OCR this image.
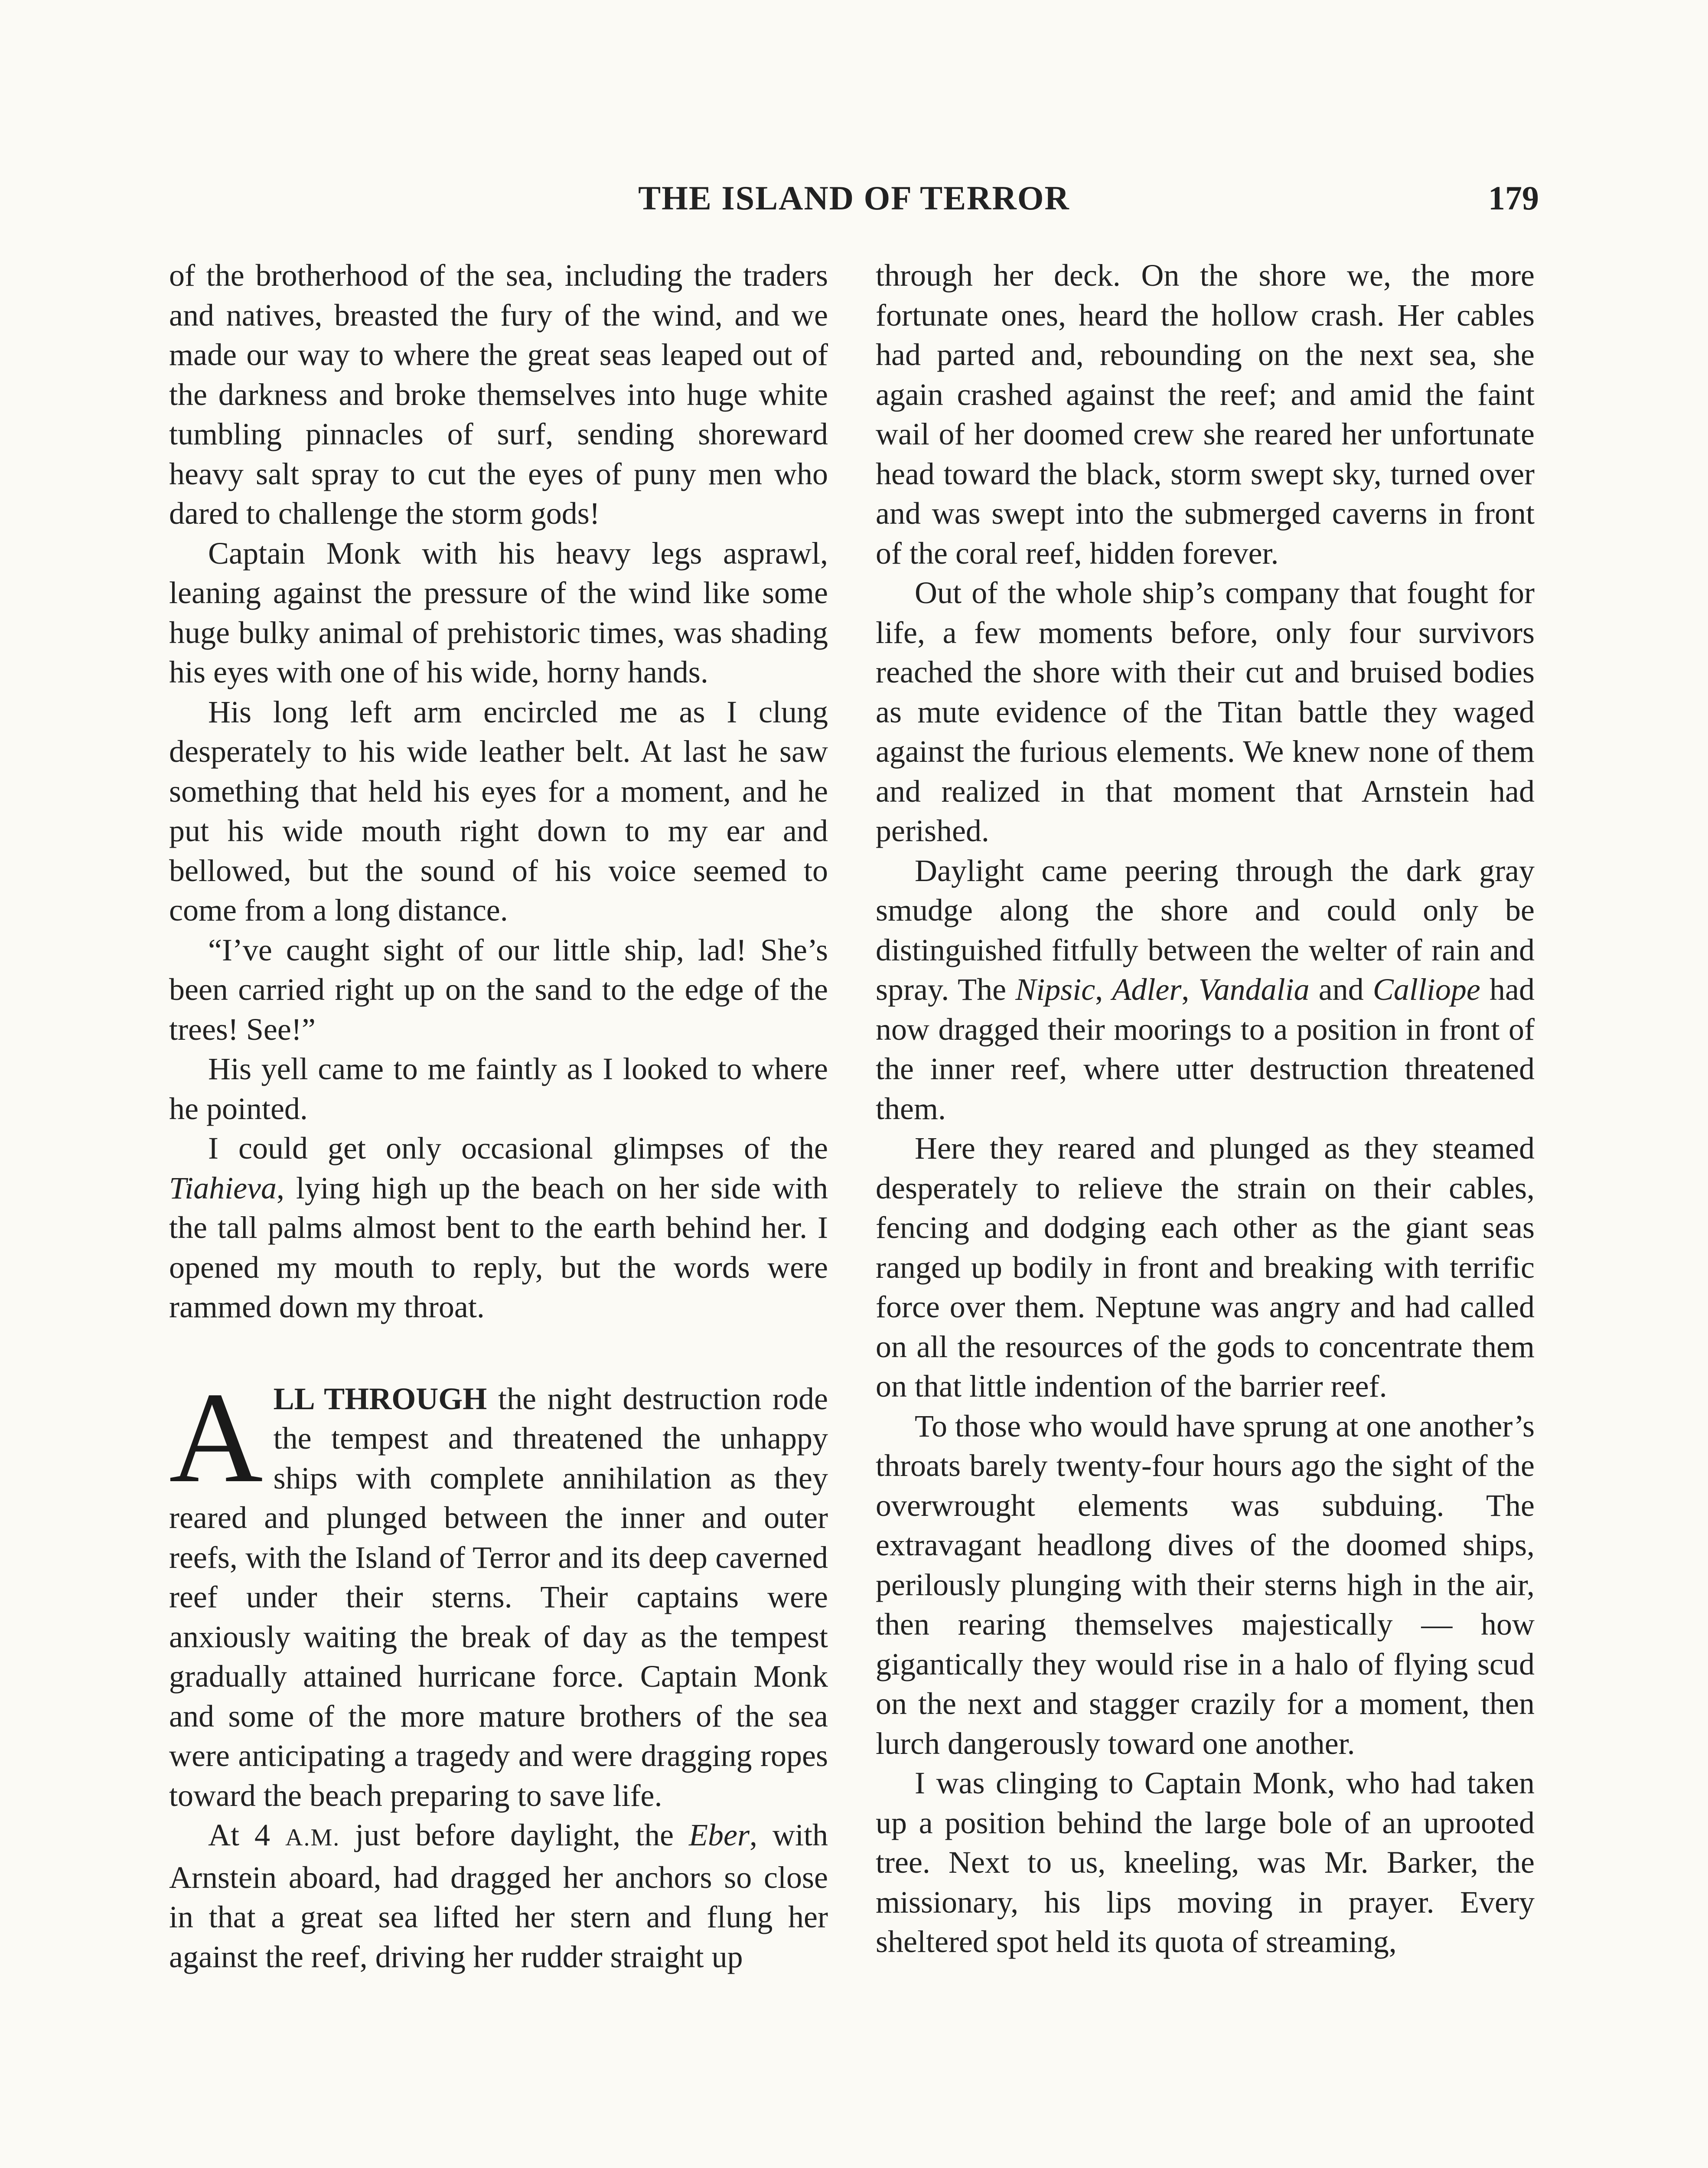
THE ISLAND OF TERROR	179

of the brotherhood of the sea, including the traders and natives, breasted the fury of the wind, and we made our way to where the great seas leaped out of the darkness and broke themselves into huge white tumbling pinnacles of surf, sending shoreward heavy salt spray to cut the eyes of puny men who dared to challenge the storm gods!

Captain Monk with his heavy legs asprawl, leaning against the pressure of the wind like some huge bulky animal of prehistoric times, was shading his eyes with one of his wide, horny hands.

His long left arm encircled me as I clung desperately to his wide leather belt. At last he saw something that held his eyes for a moment, and he put his wide mouth right down to my ear and bellowed, but the sound of his voice seemed to come from a long distance.

“I’ve caught sight of our little ship, lad! She’s been carried right up on the sand to the edge of the trees! See!”

His yell came to me faintly as I looked to where he pointed.

I could get only occasional glimpses of the Tiahieva, lying high up the beach on her side with the tall palms almost bent to the earth behind her. I opened my mouth to reply, but the words were rammed down my throat.

ALL THROUGH the night destruction rode the tempest and threatened the unhappy ships with complete annihilation as they reared and plunged between the inner and outer reefs, with the Island of Terror and its deep caverned reef under their sterns. Their captains were anxiously waiting the break of day as the tempest gradually attained hurricane force. Captain Monk and some of the more mature brothers of the sea were anticipating a tragedy and were dragging ropes toward the beach preparing to save life.

At 4 A.M. just before daylight, the Eber, with Arnstein aboard, had dragged her anchors so close in that a great sea lifted her stern and flung her against the reef, driving her rudder straight up

through her deck. On the shore we, the more fortunate ones, heard the hollow crash. Her cables had parted and, rebounding on the next sea, she again crashed against the reef; and amid the faint wail of her doomed crew she reared her unfortunate head toward the black, storm swept sky, turned over and was swept into the submerged caverns in front of the coral reef, hidden forever.

Out of the whole ship’s company that fought for life, a few moments before, only four survivors reached the shore with their cut and bruised bodies as mute evidence of the Titan battle they waged against the furious elements. We knew none of them and realized in that moment that Arnstein had perished.

Daylight came peering through the dark gray smudge along the shore and could only be distinguished fitfully between the welter of rain and spray. The Nipsic, Adler, Vandalia and Calliope had now dragged their moorings to a position in front of the inner reef, where utter destruction threatened them.

Here they reared and plunged as they steamed desperately to relieve the strain on their cables, fencing and dodging each other as the giant seas ranged up bodily in front and breaking with terrific force over them. Neptune was angry and had called on all the resources of the gods to concentrate them on that little indention of the barrier reef.

To those who would have sprung at one another’s throats barely twenty-four hours ago the sight of the overwrought elements was subduing. The extravagant headlong dives of the doomed ships, perilously plunging with their sterns high in the air, then rearing themselves majestically — how gigantically they would rise in a halo of flying scud on the next and stagger crazily for a moment, then lurch dangerously toward one another.

I was clinging to Captain Monk, who had taken up a position behind the large bole of an uprooted tree. Next to us, kneeling, was Mr. Barker, the missionary, his lips moving in prayer. Every sheltered spot held its quota of streaming,
